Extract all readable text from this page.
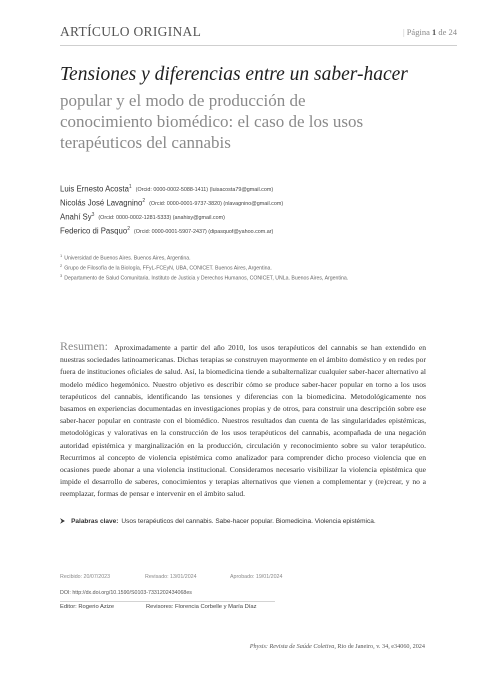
ARTÍCULO ORIGINAL	| Página 1 de 24
Tensiones y diferencias entre un saber-hacer
popular y el modo de producción de
conocimiento biomédico: el caso de los usos
terapéuticos del cannabis
Luis Ernesto Acosta$^1$ (Orcid: 0000-0002-5088-1411) (luisacosta79@gmail.com)
Nicolás José Lavagnino$^2$ (Orcid: 0000-0001-9737-3820) (nlavagnino@gmail.com)
Anahí Sy$^3$ (Orcid: 0000-0002-1281-5333) (anahisy@gmail.com)
Federico di Pasquo$^2$ (Orcid: 0000-0001-5907-2437) (dipasquof@yahoo.com.ar)
$^1$Universidad de Buenos Aires. Buenos Aires, Argentina.
$^2$Grupo de Filosofía de la Biología, FFyL-FCEyN, UBA, CONICET. Buenos Aires, Argentina.
$^3$Departamento de Salud Comunitaria. Instituto de Justicia y Derechos Humanos, CONICET, UNLa. Buenos Aires, Argentina.
Resumen: Aproximadamente a partir del año 2010, los usos terapéuticos del cannabis se han extendido en nuestras sociedades latinoamericanas. Dichas terapias se construyen mayormente en el ámbito doméstico y en redes por fuera de instituciones oficiales de salud. Así, la biomedicina tiende a subalternalizar cualquier saber-hacer alternativo al modelo médico hegemónico. Nuestro objetivo es describir cómo se produce saber-hacer popular en torno a los usos terapéuticos del cannabis, identificando las tensiones y diferencias con la biomedicina. Metodológicamente nos basamos en experiencias documentadas en investigaciones propias y de otros, para construir una descripción sobre ese saber-hacer popular en contraste con el biomédico. Nuestros resultados dan cuenta de las singularidades epistémicas, metodológicas y valorativas en la construcción de los usos terapéuticos del cannabis, acompañada de una negación autoridad epistémica y marginalización en la producción, circulación y reconocimiento sobre su valor terapéutico. Recurrimos al concepto de violencia epistémica como analizador para comprender dicho proceso violencia que en ocasiones puede abonar a una violencia institucional. Consideramos necesario visibilizar la violencia epistémica que impide el desarrollo de saberes, conocimientos y terapias alternativos que vienen a complementar y (re)crear, y no a reemplazar, formas de pensar e intervenir en el ámbito salud.
⮞ Palabras clave: Usos terapéuticos del cannabis. Sabe-hacer popular. Biomedicina. Violencia epistémica.
Recibido: 20/07/2023	Revisado: 13/01/2024	Aprobado: 19/01/2024
DOI: http://dx.doi.org/10.1590/S0103-7331202434068es
Editor: Rogerio Azize	Revisores: Florencia Corbelle y María Díaz
Physis: Revista de Saúde Coletiva, Rio de Janeiro, v. 34, e34060, 2024
